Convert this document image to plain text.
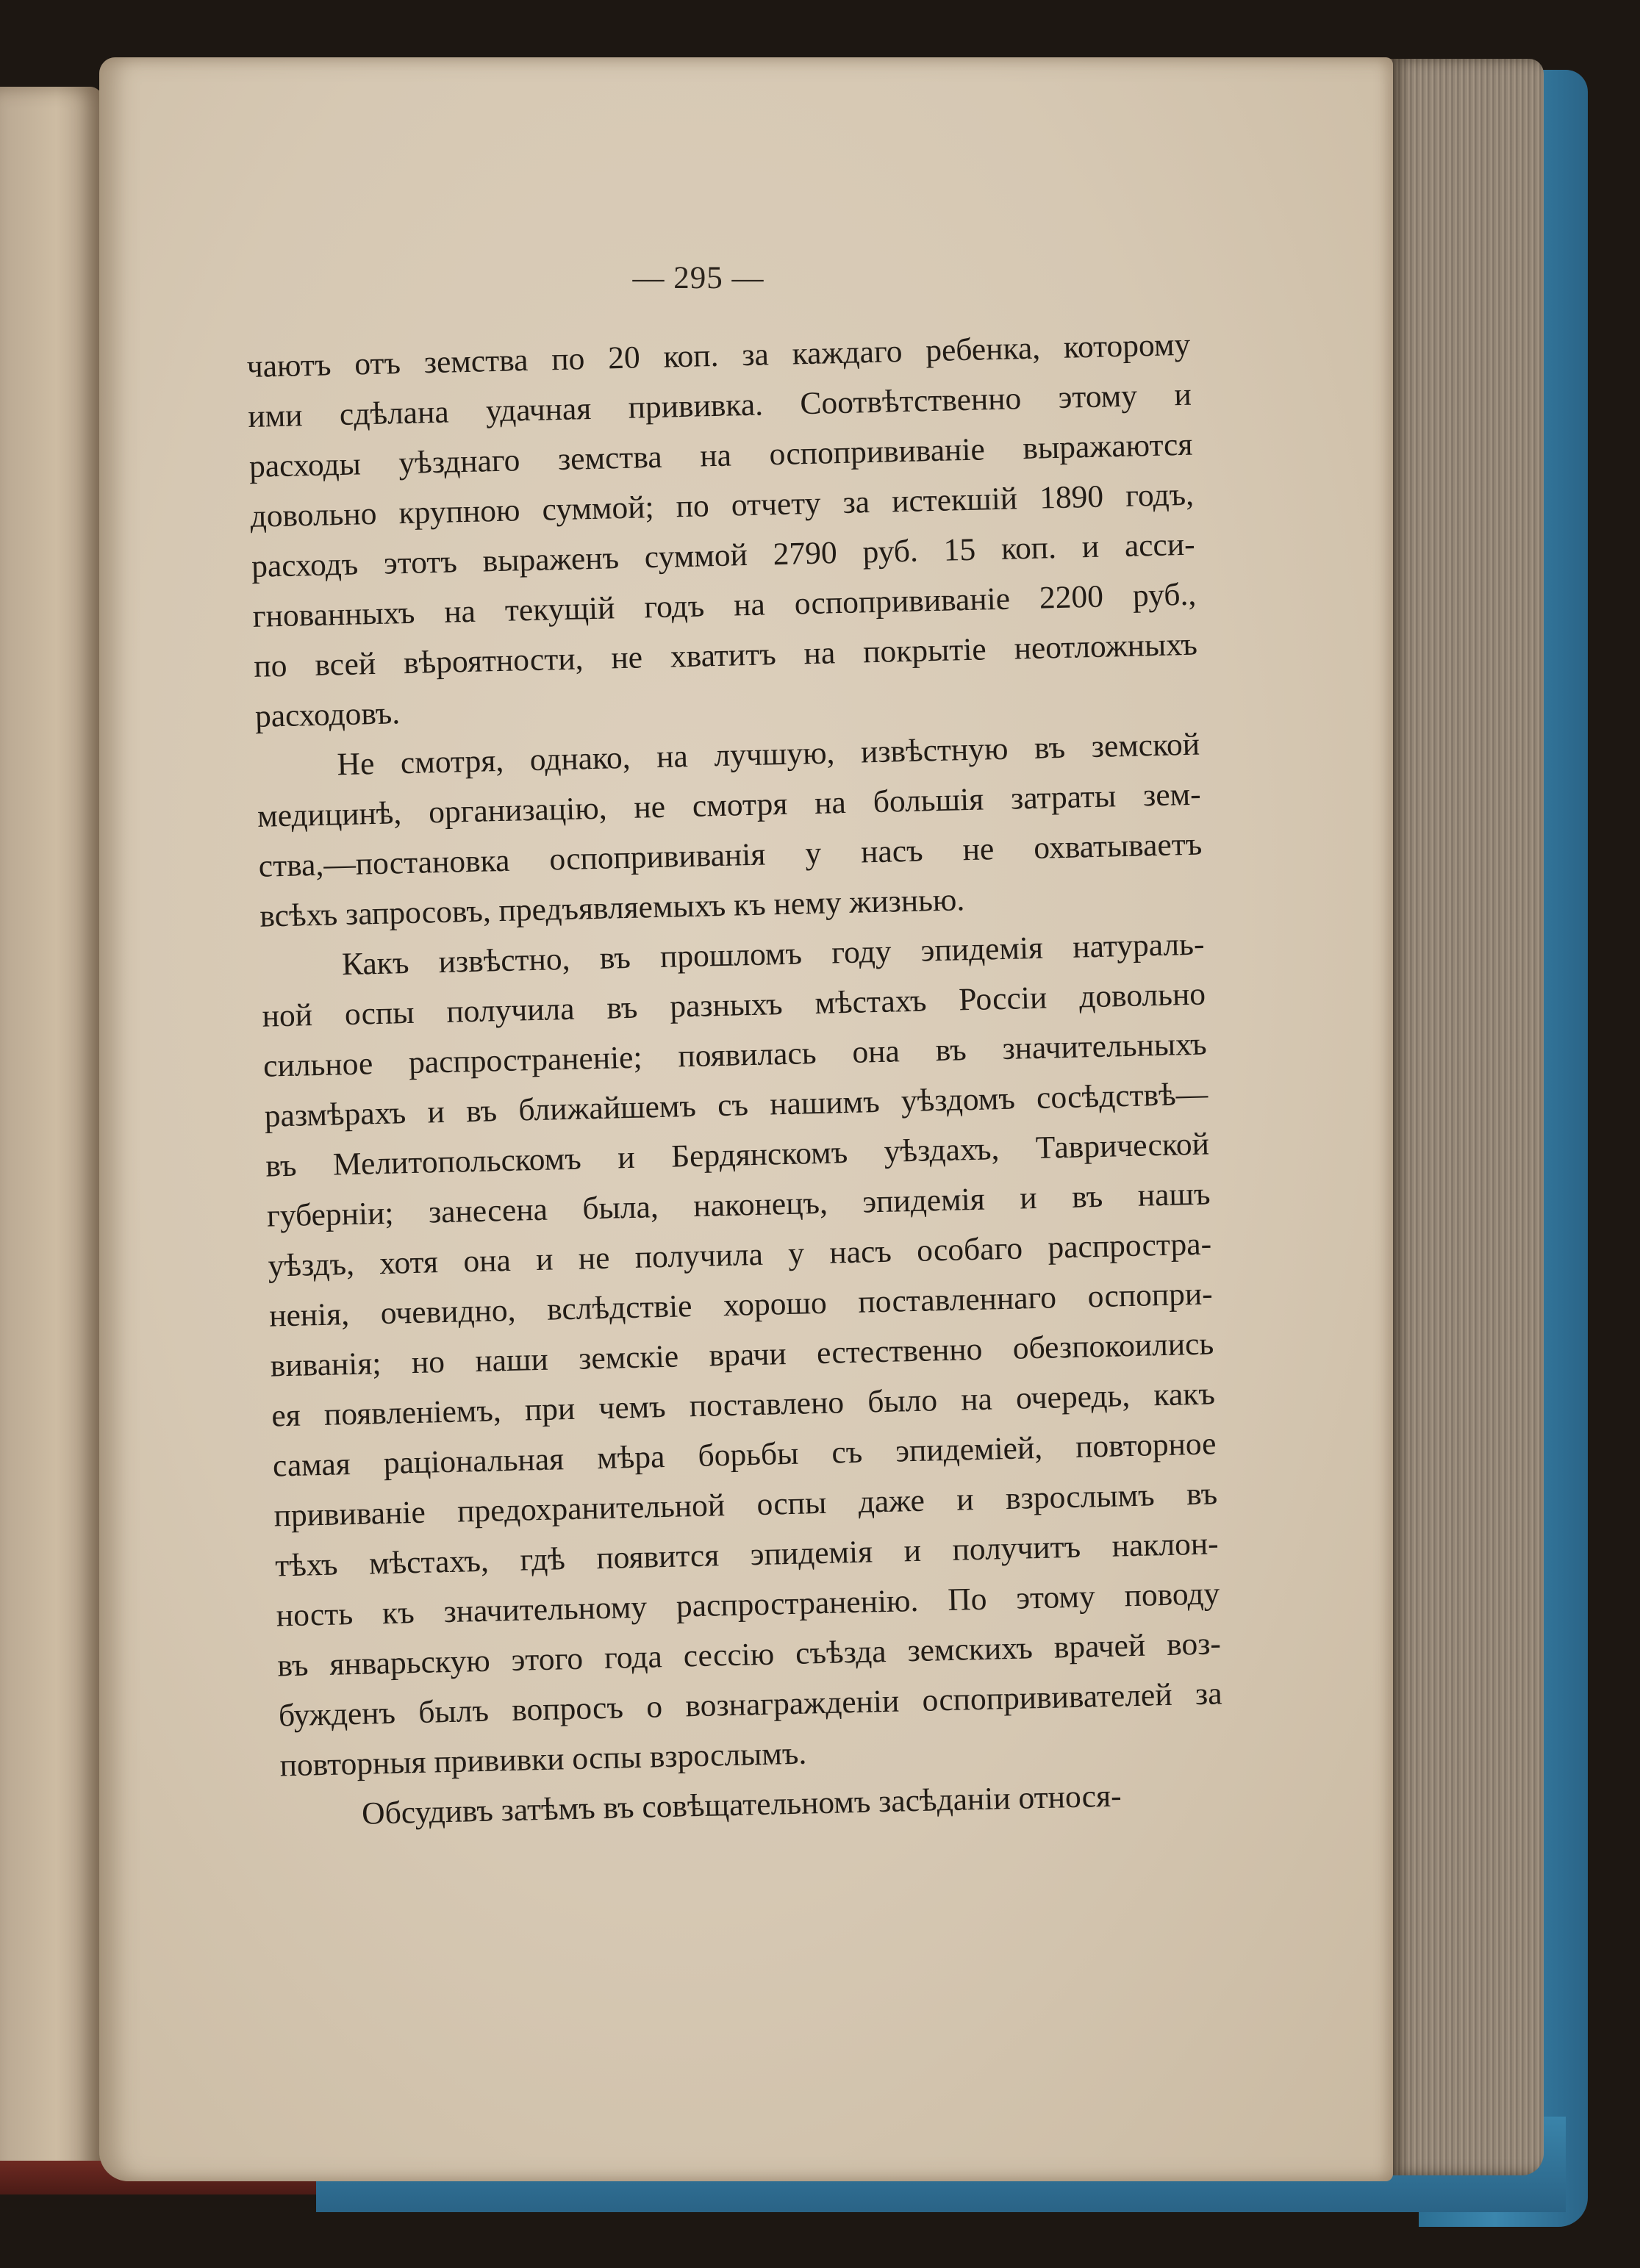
— 295 —
чаютъ отъ земства по 20 коп. за каждаго ребенка, которому
ими сдѣлана удачная прививка. Соотвѣтственно этому и
расходы уѣзднаго земства на оспопрививаніе выражаются
довольно крупною суммой; по отчету за истекшій 1890 годъ,
расходъ этотъ выраженъ суммой 2790 руб. 15 коп. и асси-
гнованныхъ на текущій годъ на оспопрививаніе 2200 руб.,
по всей вѣроятности, не хватитъ на покрытіе неотложныхъ
расходовъ.
Не смотря, однако, на лучшую, извѣстную въ земской
медицинѣ, организацію, не смотря на большія затраты зем-
ства,—постановка оспопрививанія у насъ не охватываетъ
всѣхъ запросовъ, предъявляемыхъ къ нему жизнью.
Какъ извѣстно, въ прошломъ году эпидемія натураль-
ной оспы получила въ разныхъ мѣстахъ Россіи довольно
сильное распространеніе; появилась она въ значительныхъ
размѣрахъ и въ ближайшемъ съ нашимъ уѣздомъ сосѣдствѣ—
въ Мелитопольскомъ и Бердянскомъ уѣздахъ, Таврической
губерніи; занесена была, наконецъ, эпидемія и въ нашъ
уѣздъ, хотя она и не получила у насъ особаго распростра-
ненія, очевидно, вслѣдствіе хорошо поставленнаго оспопри-
виванія; но наши земскіе врачи естественно обезпокоились
ея появленіемъ, при чемъ поставлено было на очередь, какъ
самая раціональная мѣра борьбы съ эпидеміей, повторное
прививаніе предохранительной оспы даже и взрослымъ въ
тѣхъ мѣстахъ, гдѣ появится эпидемія и получитъ наклон-
ность къ значительному распространенію. По этому поводу
въ январьскую этого года сессію съѣзда земскихъ врачей воз-
бужденъ былъ вопросъ о вознагражденіи оспопрививателей за
повторныя прививки оспы взрослымъ.
Обсудивъ затѣмъ въ совѣщательномъ засѣданіи относя-
